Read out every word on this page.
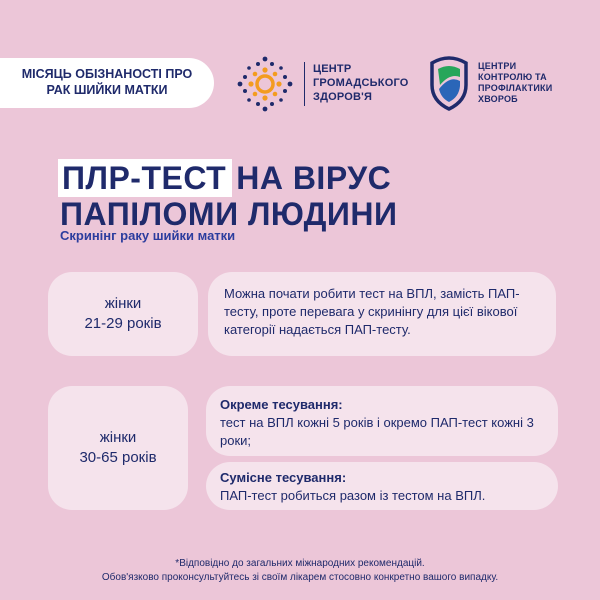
МІСЯЦЬ ОБІЗНАНОСТІ ПРО
РАК ШИЙКИ МАТКИ
ЦЕНТР
ГРОМАДСЬКОГО
ЗДОРОВ'Я
ЦЕНТРИ
КОНТРОЛЮ ТА
ПРОФІЛАКТИКИ
ХВОРОБ
ПЛР-ТЕСТ НА ВІРУС
ПАПІЛОМИ ЛЮДИНИ
Скринінг раку шийки матки
жінки
21-29 років
Можна почати робити тест на ВПЛ, замість ПАП-тесту, проте перевага у скринінгу для цієї вікової категорії надається ПАП-тесту.
жінки
30-65 років
Окреме тесування:
тест на ВПЛ кожні 5 років і окремо ПАП-тест кожні 3 роки;
Сумісне тесування:
ПАП-тест робиться разом із тестом на ВПЛ.
*Відповідно до загальних міжнародних рекомендацій.
Обов'язково проконсультуйтесь зі своїм лікарем стосовно конкретно вашого випадку.
